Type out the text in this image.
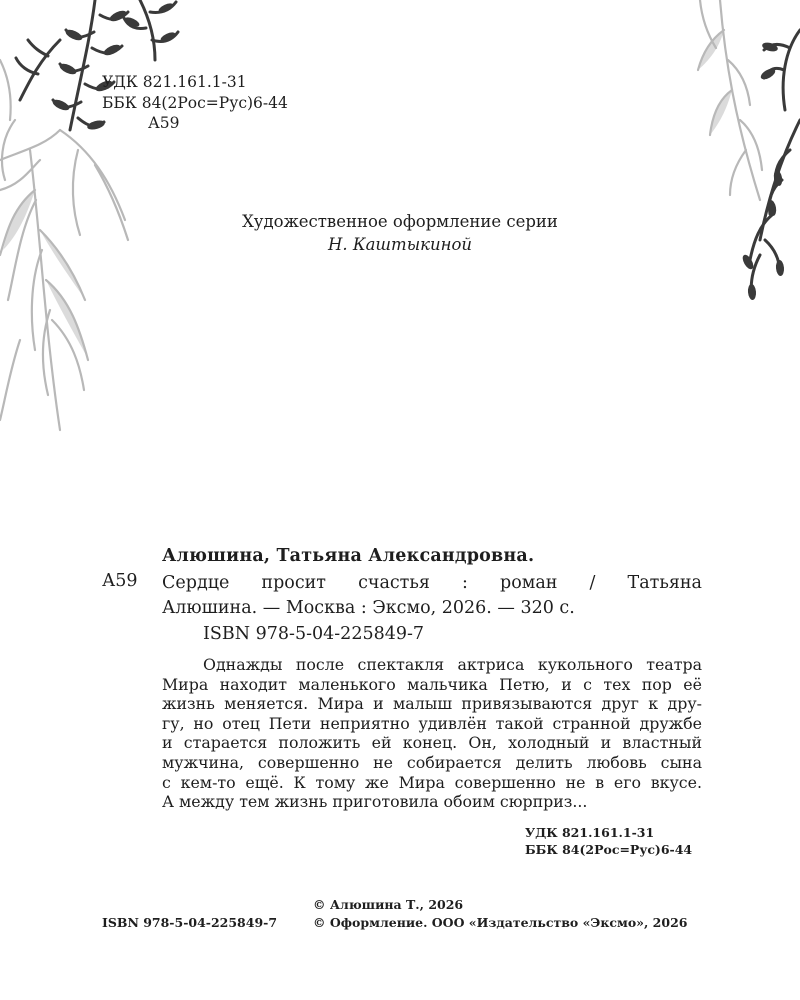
УДК 821.161.1-31
ББК 84(2Рос=Рус)6-44
А59
Художественное оформление серии
Н. Каштыкиной
Алюшина, Татьяна Александровна.
А59 Сердце просит счастья : роман / Татьяна
Алюшина. — Москва : Эксмо, 2026. — 320 с.
ISBN 978-5-04-225849-7
Однажды после спектакля актриса кукольного театра
Мира находит маленького мальчика Петю, и с тех пор её
жизнь меняется. Мира и малыш привязываются друг к дру-
гу, но отец Пети неприятно удивлён такой странной дружбе
и старается положить ей конец. Он, холодный и властный
мужчина, совершенно не собирается делить любовь сына
с кем-то ещё. К тому же Мира совершенно не в его вкусе.
А между тем жизнь приготовила обоим сюрприз...
УДК 821.161.1-31
ББК 84(2Рос=Рус)6-44
ISBN 978-5-04-225849-7
© Алюшина Т., 2026
© Оформление. ООО «Издательство «Эксмо», 2026
